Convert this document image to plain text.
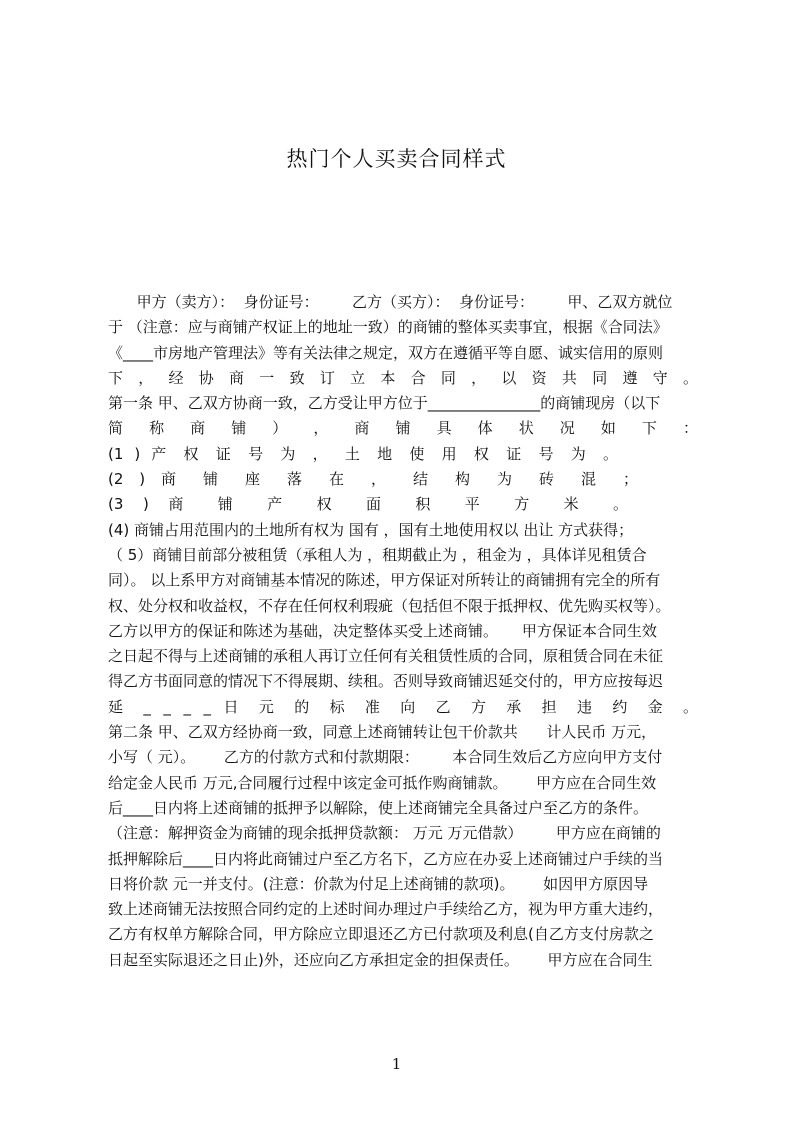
热门个人买卖合同样式
甲方（卖方）：  身份证号：       乙方（买方）：  身份证号：       甲、乙双方就位
于 （注意：应与商铺产权证上的地址一致）的商铺的整体买卖事宜，根据《合同法》
《____市房地产管理法》等有关法律之规定，双方在遵循平等自愿、诚实信用的原则
下 ， 经 协 商 一 致 订 立 本 合 同 ， 以 资 共 同 遵 守 。
第一条 甲、乙双方协商一致，乙方受让甲方位于_______________的商铺现房（以下
简 称 商 铺 ） ， 商 铺 具 体 状 况 如 下 ：
(1 ) 产 权 证 号 为 ， 土 地 使 用 权 证 号 为 。
(2 ) 商 铺 座 落 在 ， 结 构 为 砖 混 ；
(3 ) 商 铺 产 权 面 积 平 方 米 。
(4) 商铺占用范围内的土地所有权为 国有 ，国有土地使用权以 出让 方式获得；
（ 5）商铺目前部分被租赁（承租人为 ，租期截止为 ，租金为 ，具体详见租赁合
同）。 以上系甲方对商铺基本情况的陈述，甲方保证对所转让的商铺拥有完全的所有
权、处分权和收益权，不存在任何权利瑕疵（包括但不限于抵押权、优先购买权等）。
乙方以甲方的保证和陈述为基础，决定整体买受上述商铺。     甲方保证本合同生效
之日起不得与上述商铺的承租人再订立任何有关租赁性质的合同，原租赁合同在未征
得乙方书面同意的情况下不得展期、续租。否则导致商铺迟延交付的，甲方应按每迟
延 _ _ _ _ 日 元 的 标 准 向 乙 方 承 担 违 约 金 。
第二条 甲、乙双方经协商一致，同意上述商铺转让包干价款共      计人民币 万元，
小写（ 元）。      乙方的付款方式和付款期限：       本合同生效后乙方应向甲方支付
给定金人民币 万元,合同履行过程中该定金可抵作购商铺款。      甲方应在合同生效
后____日内将上述商铺的抵押予以解除，使上述商铺完全具备过户至乙方的条件。
（注意：解押资金为商铺的现余抵押贷款额： 万元 万元借款）       甲方应在商铺的
抵押解除后____日内将此商铺过户至乙方名下，乙方应在办妥上述商铺过户手续的当
日将价款 元一并支付。(注意：价款为付足上述商铺的款项)。      如因甲方原因导
致上述商铺无法按照合同约定的上述时间办理过户手续给乙方，视为甲方重大违约，
乙方有权单方解除合同，甲方除应立即退还乙方已付款项及利息(自乙方支付房款之
日起至实际退还之日止)外，还应向乙方承担定金的担保责任。      甲方应在合同生
1
